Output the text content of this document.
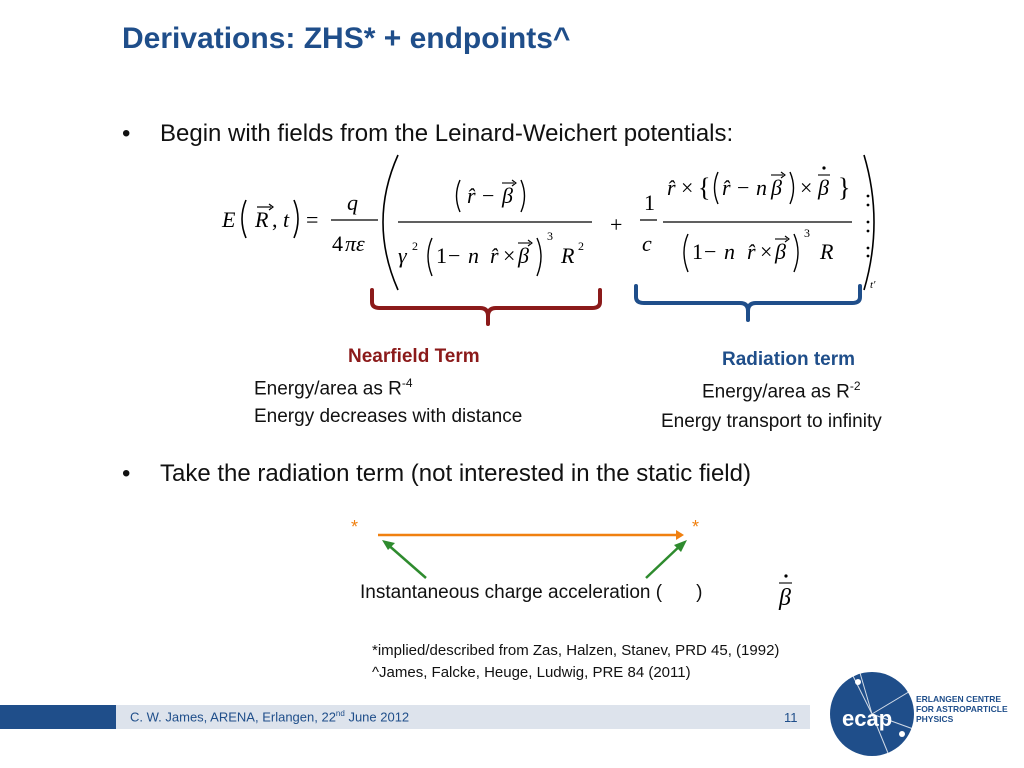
Derivations: ZHS* + endpoints^
• Begin with fields from the Leinard-Weichert potentials:
E R , t =
q
4 πε
r̂ − β
γ 2 1 − n r̂ × β
3
R 2
+
1
c
r̂ × { r̂ − n β × β }
1 − n r̂ × β
3
R
t′
β
Nearfield Term
Energy/area as $R^{-4}$
Energy decreases with distance
Radiation term
Energy/area as $R^{-2}$
Energy transport to infinity
• Take the radiation term (not interested in the static field)
*	*
Instantaneous charge acceleration ( )
*implied/described from Zas, Halzen, Stanev, PRD 45, (1992)
^James, Falcke, Heuge, Ludwig, PRE 84 (2011)
C. W. James, ARENA, Erlangen, 22nd June 2012	11 ecap
ERLANGEN CENTRE
FOR ASTROPARTICLE
PHYSICS
